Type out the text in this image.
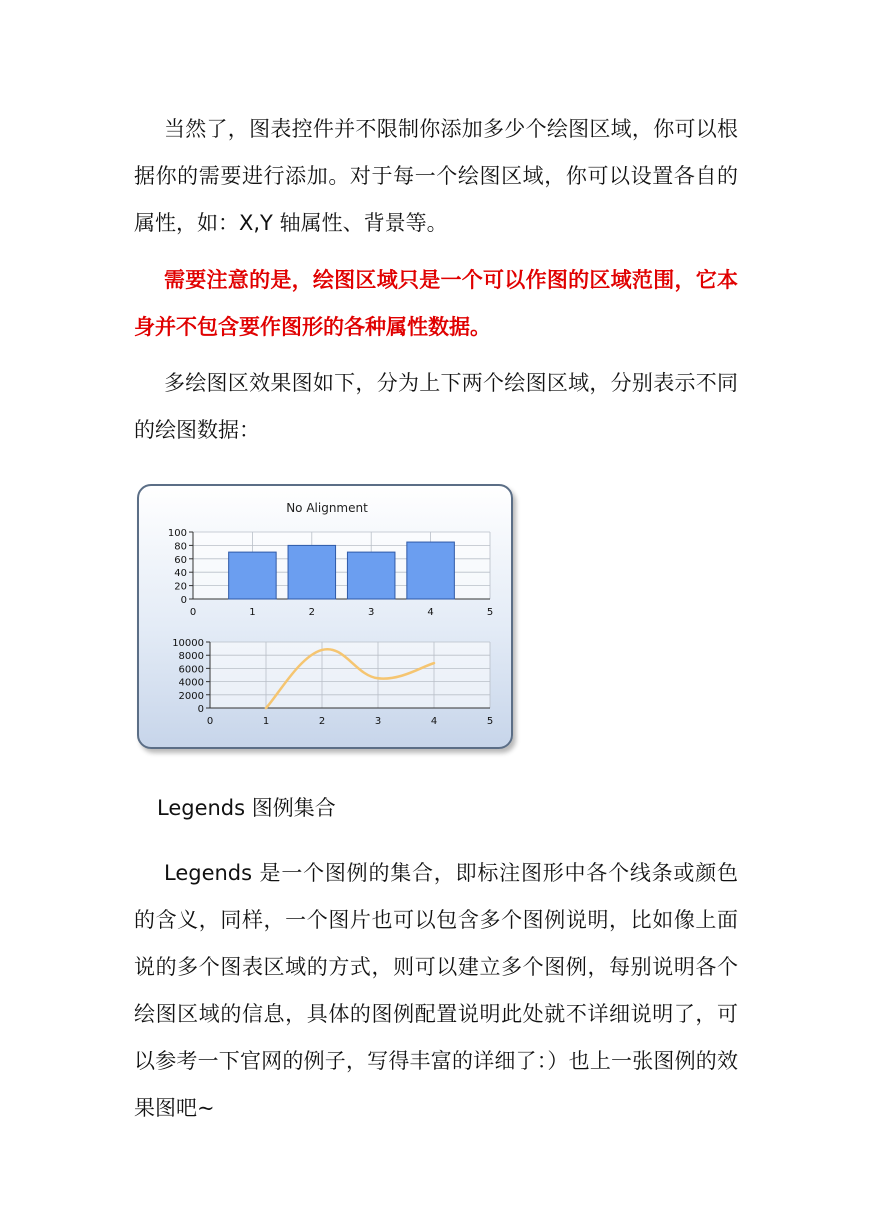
当然了，图表控件并不限制你添加多少个绘图区域，你可以根据你的需要进行添加。对于每一个绘图区域，你可以设置各自的属性，如：X,Y 轴属性、背景等。

需要注意的是，绘图区域只是一个可以作图的区域范围，它本身并不包含要作图形的各种属性数据。

多绘图区效果图如下，分为上下两个绘图区域，分别表示不同的绘图数据：

No Alignment
0
20
40
60
80
100
0	1	2	3	4	5
0
2000
4000
6000
8000
10000
0	1	2	3	4	5

Legends 图例集合

Legends 是一个图例的集合，即标注图形中各个线条或颜色的含义，同样，一个图片也可以包含多个图例说明，比如像上面说的多个图表区域的方式，则可以建立多个图例，每别说明各个绘图区域的信息，具体的图例配置说明此处就不详细说明了，可以参考一下官网的例子，写得丰富的详细了：）也上一张图例的效果图吧~
